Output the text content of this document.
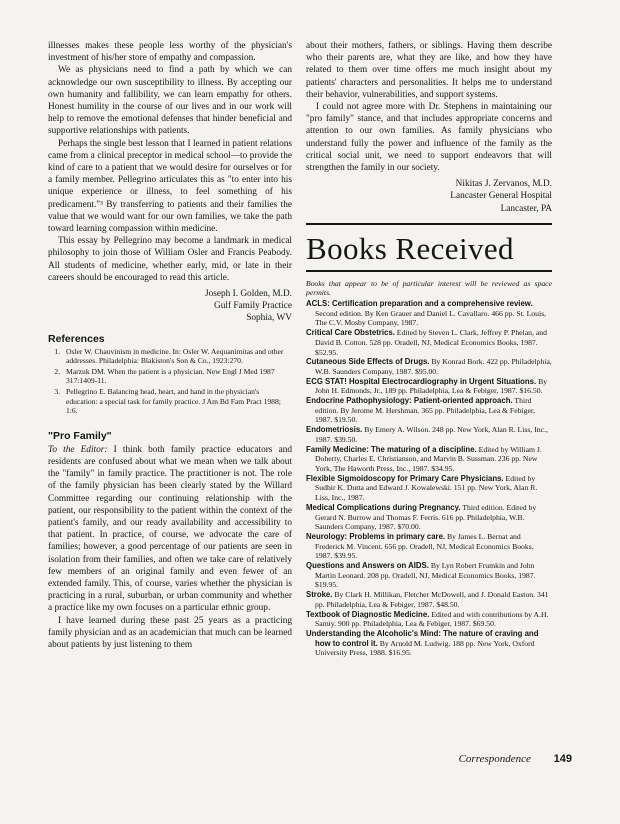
illnesses makes these people less worthy of the physician's investment of his/her store of empathy and compassion.

We as physicians need to find a path by which we can acknowledge our own susceptibility to illness. By accepting our own humanity and fallibility, we can learn empathy for others. Honest humility in the course of our lives and in our work will help to remove the emotional defenses that hinder beneficial and supportive relationships with patients.

Perhaps the single best lesson that I learned in patient relations came from a clinical preceptor in medical school—to provide the kind of care to a patient that we would desire for ourselves or for a family member. Pellegrino articulates this as "to enter into his unique experience or illness, to feel something of his predicament."³ By transferring to patients and their families the value that we would want for our own families, we take the path toward learning compassion within medicine.

This essay by Pellegrino may become a landmark in medical philosophy to join those of William Osler and Francis Peabody. All students of medicine, whether early, mid, or late in their careers should be encouraged to read this article.

Joseph I. Golden, M.D.
Gulf Family Practice
Sophia, WV
References
1. Osler W. Chauvinism in medicine. In: Osler W. Aequanimitas and other addresses. Philadelphia: Blakiston's Son & Co., 1923:270.
2. Marzuk DM. When the patient is a physician. New Engl J Med 1987 317:1409-11.
3. Pellegrino E. Balancing head, heart, and hand in the physician's education: a special task for family practice. J Am Bd Fam Pract 1988; 1:6.
"Pro Family"

To the Editor: I think both family practice educators and residents are confused about what we mean when we talk about the "family" in family practice. The practitioner is not. The role of the family physician has been clearly stated by the Willard Committee regarding our continuing relationship with the patient, our responsibility to the patient within the context of the patient's family, and our ready availability and accessibility to that patient. In practice, of course, we advocate the care of families; however, a good percentage of our patients are seen in isolation from their families, and often we take care of relatively few members of an original family and even fewer of an extended family. This, of course, varies whether the physician is practicing in a rural, suburban, or urban community and whether a practice like my own focuses on a particular ethnic group.

I have learned during these past 25 years as a practicing family physician and as an academician that much can be learned about patients by just listening to them

about their mothers, fathers, or siblings. Having them describe who their parents are, what they are like, and how they have related to them over time offers me much insight about my patients' characters and personalities. It helps me to understand their behavior, vulnerabilities, and support systems.

I could not agree more with Dr. Stephens in maintaining our "pro family" stance, and that includes appropriate concerns and attention to our own families. As family physicians who understand fully the power and influence of the family as the critical social unit, we need to support endeavors that will strengthen the family in our society.

Nikitas J. Zervanos, M.D.
Lancaster General Hospital
Lancaster, PA
Books Received

Books that appear to be of particular interest will be reviewed as space permits.

ACLS: Certification preparation and a comprehensive review. Second edition. By Ken Grauer and Daniel L. Cavallaro. 466 pp. St. Louis, The C.V. Mosby Company, 1987.

Critical Care Obstetrics. Edited by Steven L. Clark, Jeffrey P. Phelan, and David B. Cotton. 528 pp. Oradell, NJ, Medical Economics Books, 1987. $52.95.

Cutaneous Side Effects of Drugs. By Konrad Bork. 422 pp. Philadelphia, W.B. Saunders Company, 1987. $95.00.

ECG STAT! Hospital Electrocardiography in Urgent Situations. By John H. Edmonds, Jr., 189 pp. Philadelphia, Lea & Febiger, 1987. $16.50.

Endocrine Pathophysiology: Patient-oriented approach. Third edition. By Jerome M. Hershman. 365 pp. Philadelphia, Lea & Febiger, 1987. $19.50.

Endometriosis. By Emery A. Wilson. 248 pp. New York, Alan R. Liss, Inc., 1987. $39.50.

Family Medicine: The maturing of a discipline. Edited by William J. Doherty, Charles E. Christianson, and Marvin B. Sussman. 236 pp. New York, The Haworth Press, Inc., 1987. $34.95.

Flexible Sigmoidoscopy for Primary Care Physicians. Edited by Sudhir K. Dutta and Edward J. Kowalewski. 151 pp. New York, Alan R. Liss, Inc., 1987.

Medical Complications during Pregnancy. Third edition. Edited by Gerard N. Burrow and Thomas F. Ferris. 616 pp. Philadelphia, W.B. Saunders Company, 1987. $70.00.

Neurology: Problems in primary care. By James L. Bernat and Frederick M. Vincent. 656 pp. Oradell, NJ, Medical Economics Books, 1987. $39.95.

Questions and Answers on AIDS. By Lyn Robert Frumkin and John Martin Leonard. 208 pp. Oradell, NJ, Medical Economics Books, 1987. $19.95.

Stroke. By Clark H. Millikan, Fletcher McDowell, and J. Donald Easton. 341 pp. Philadelphia, Lea & Febiger, 1987. $48.50.

Textbook of Diagnostic Medicine. Edited and with contributions by A.H. Samiy. 900 pp. Philadelphia, Lea & Febiger, 1987. $69.50.

Understanding the Alcoholic's Mind: The nature of craving and how to control it. By Arnold M. Ludwig. 188 pp. New York, Oxford University Press, 1988. $16.95.

Correspondence 149
